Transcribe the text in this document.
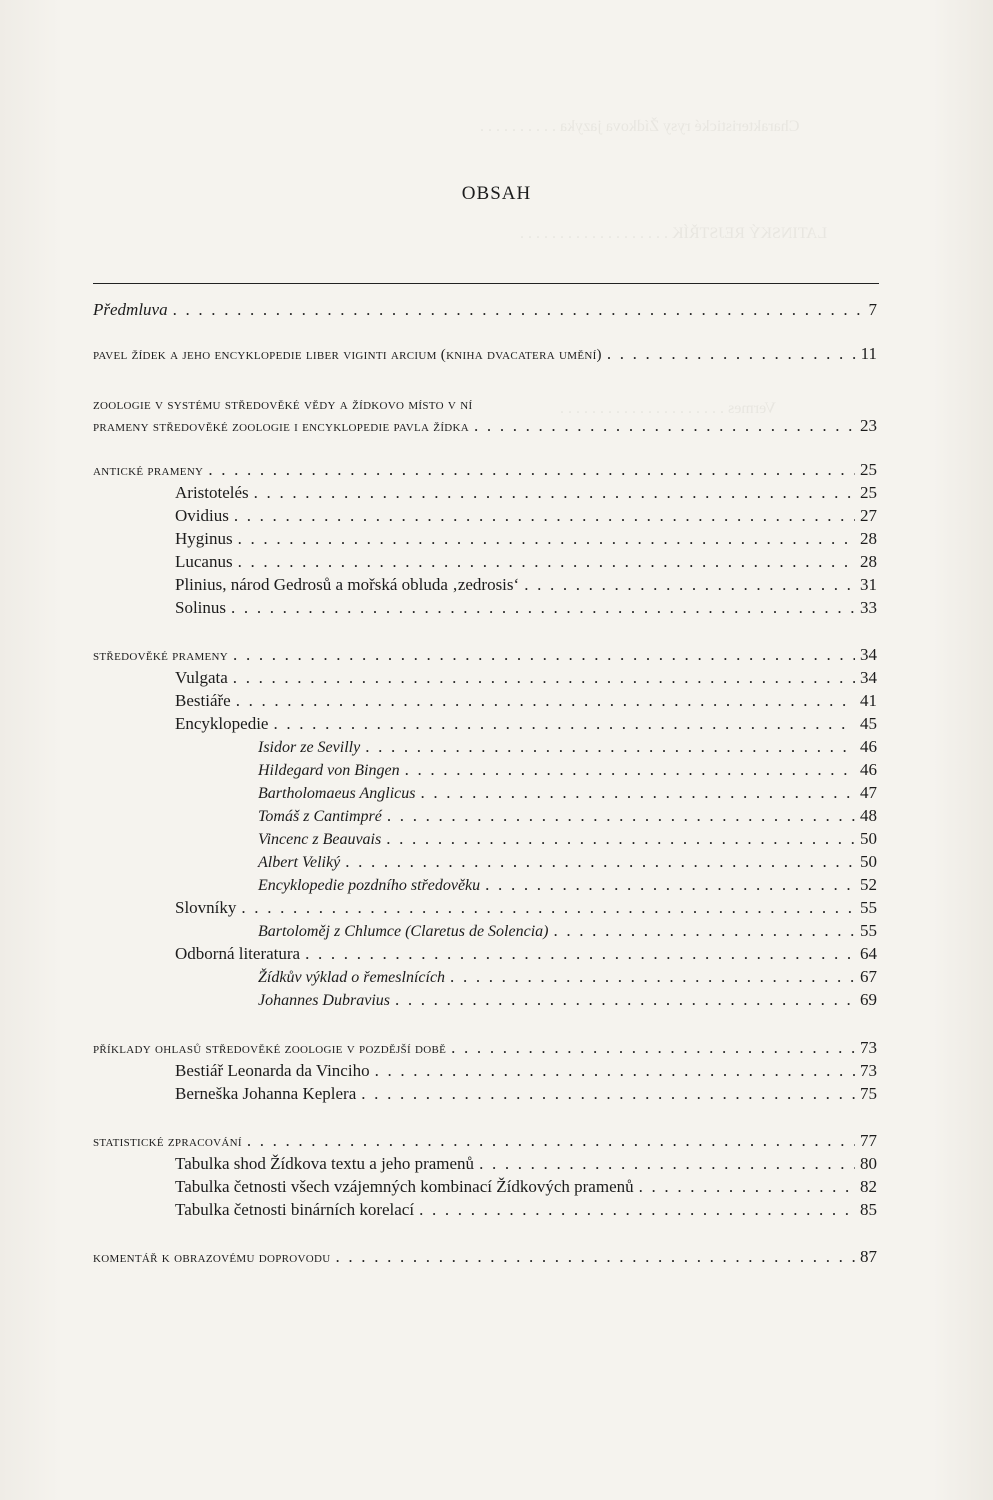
Charakteristické rysy Žídkova jazyka . . . . . . . . . .
LATINSKÝ REJSTŘÍK . . . . . . . . . . . . . . . . . . .
Vermes . . . . . . . . . . . . . . . . . . . . .
OBSAH
Předmluva . . .	7
pavel žídek a jeho encyklopedie liber viginti arcium (kniha dvacatera umění) . . .	11
zoologie v systému středověké vědy a žídkovo místo v ní
prameny středověké zoologie i encyklopedie pavla žídka . . .	23
antické prameny . . .	25
Aristotelés . . .	25
Ovidius . . .	27
Hyginus . . .	28
Lucanus . . .	28
Plinius, národ Gedrosů a mořská obluda ‚zedrosis‘ . . .	31
Solinus . . .	33
středověké prameny . . .	34
Vulgata . . .	34
Bestiáře . . .	41
Encyklopedie . . .	45
Isidor ze Sevilly . . .	46
Hildegard von Bingen . . .	46
Bartholomaeus Anglicus . . .	47
Tomáš z Cantimpré . . .	48
Vincenc z Beauvais . . .	50
Albert Veliký . . .	50
Encyklopedie pozdního středověku . . .	52
Slovníky . . .	55
Bartoloměj z Chlumce (Claretus de Solencia) . . .	55
Odborná literatura . . .	64
Žídkův výklad o řemeslnících . . .	67
Johannes Dubravius . . .	69
příklady ohlasů středověké zoologie v pozdější době . . .	73
Bestiář Leonarda da Vinciho . . .	73
Berneška Johanna Keplera . . .	75
statistické zpracování . . .	77
Tabulka shod Žídkova textu a jeho pramenů . . .	80
Tabulka četnosti všech vzájemných kombinací Žídkových pramenů . . .	82
Tabulka četnosti binárních korelací . . .	85
komentář k obrazovému doprovodu . . .	87
